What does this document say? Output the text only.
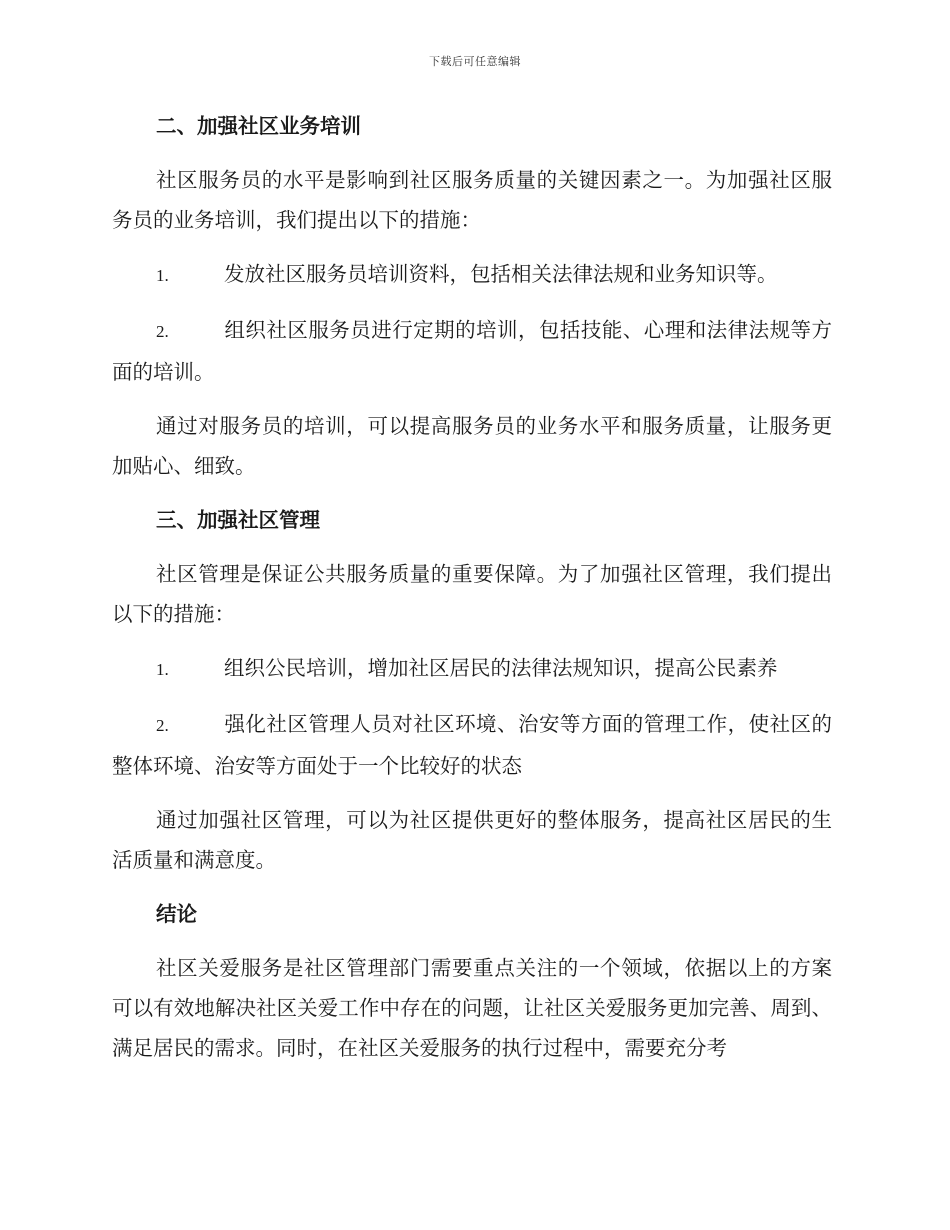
下载后可任意编辑
二、加强社区业务培训
社区服务员的水平是影响到社区服务质量的关键因素之一。为加强社区服务员的业务培训，我们提出以下的措施：
1.	发放社区服务员培训资料，包括相关法律法规和业务知识等。
2.	组织社区服务员进行定期的培训，包括技能、心理和法律法规等方面的培训。
通过对服务员的培训，可以提高服务员的业务水平和服务质量，让服务更加贴心、细致。
三、加强社区管理
社区管理是保证公共服务质量的重要保障。为了加强社区管理，我们提出以下的措施：
1.	组织公民培训，增加社区居民的法律法规知识，提高公民素养
2.	强化社区管理人员对社区环境、治安等方面的管理工作，使社区的整体环境、治安等方面处于一个比较好的状态
通过加强社区管理，可以为社区提供更好的整体服务，提高社区居民的生活质量和满意度。
结论
社区关爱服务是社区管理部门需要重点关注的一个领域，依据以上的方案可以有效地解决社区关爱工作中存在的问题，让社区关爱服务更加完善、周到、满足居民的需求。同时，在社区关爱服务的执行过程中，需要充分考
